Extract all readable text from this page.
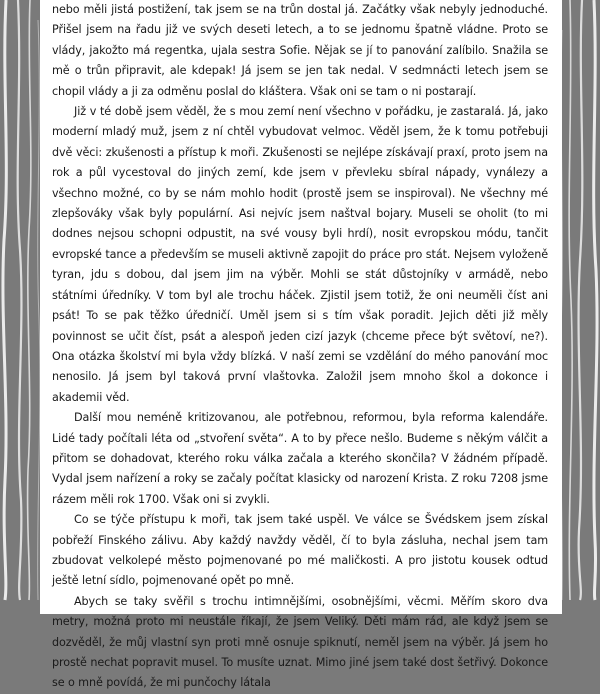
nebo měli jistá postižení, tak jsem se na trůn dostal já. Začátky však nebyly jednoduché. Přišel jsem na řadu již ve svých deseti letech, a to se jednomu špatně vládne. Proto se vlády, jakožto má regentka, ujala sestra Sofie. Nějak se jí to panování zalíbilo. Snažila se mě o trůn připravit, ale kdepak! Já jsem se jen tak nedal. V sedmnácti letech jsem se chopil vlády a ji za odměnu poslal do kláštera. Však oni se tam o ni postarají.

Již v té době jsem věděl, že s mou zemí není všechno v pořádku, je zastaralá. Já, jako moderní mladý muž, jsem z ní chtěl vybudovat velmoc. Věděl jsem, že k tomu potřebuji dvě věci: zkušenosti a přístup k moři. Zkušenosti se nejlépe získávají praxí, proto jsem na rok a půl vycestoval do jiných zemí, kde jsem v převleku sbíral nápady, vynálezy a všechno možné, co by se nám mohlo hodit (prostě jsem se inspiroval). Ne všechny mé zlepšováky však byly populární. Asi nejvíc jsem naštval bojary. Museli se oholit (to mi dodnes nejsou schopni odpustit, na své vousy byli hrdí), nosit evropskou módu, tančit evropské tance a především se museli aktivně zapojit do práce pro stát. Nejsem vyloženě tyran, jdu s dobou, dal jsem jim na výběr. Mohli se stát důstojníky v armádě, nebo státními úředníky. V tom byl ale trochu háček. Zjistil jsem totiž, že oni neuměli číst ani psát! To se pak těžko úředničí. Uměl jsem si s tím však poradit. Jejich děti již měly povinnost se učit číst, psát a alespoň jeden cizí jazyk (chceme přece být světoví, ne?). Ona otázka školství mi byla vždy blízká. V naší zemi se vzdělání do mého panování moc nenosilo. Já jsem byl taková první vlaštovka. Založil jsem mnoho škol a dokonce i akademii věd.

Další mou neméně kritizovanou, ale potřebnou, reformou, byla reforma kalendáře. Lidé tady počítali léta od „stvoření světa“. A to by přece nešlo. Budeme s někým válčit a přitom se dohadovat, kterého roku válka začala a kterého skončila? V žádném případě. Vydal jsem nařízení a roky se začaly počítat klasicky od narození Krista. Z roku 7208 jsme rázem měli rok 1700. Však oni si zvykli.

Co se týče přístupu k moři, tak jsem také uspěl. Ve válce se Švédskem jsem získal pobřeží Finského zálivu. Aby každý navždy věděl, čí to byla zásluha, nechal jsem tam zbudovat velkolepé město pojmenované po mé maličkosti. A pro jistotu kousek odtud ještě letní sídlo, pojmenované opět po mně.

Abych se taky svěřil s trochu intimnějšími, osobnějšími, věcmi. Měřím skoro dva metry, možná proto mi neustále říkají, že jsem Veliký. Děti mám rád, ale když jsem se dozvěděl, že můj vlastní syn proti mně osnuje spiknutí, neměl jsem na výběr. Já jsem ho prostě nechat popravit musel. To musíte uznat. Mimo jiné jsem také dost šetřivý. Dokonce se o mně povídá, že mi punčochy látala
